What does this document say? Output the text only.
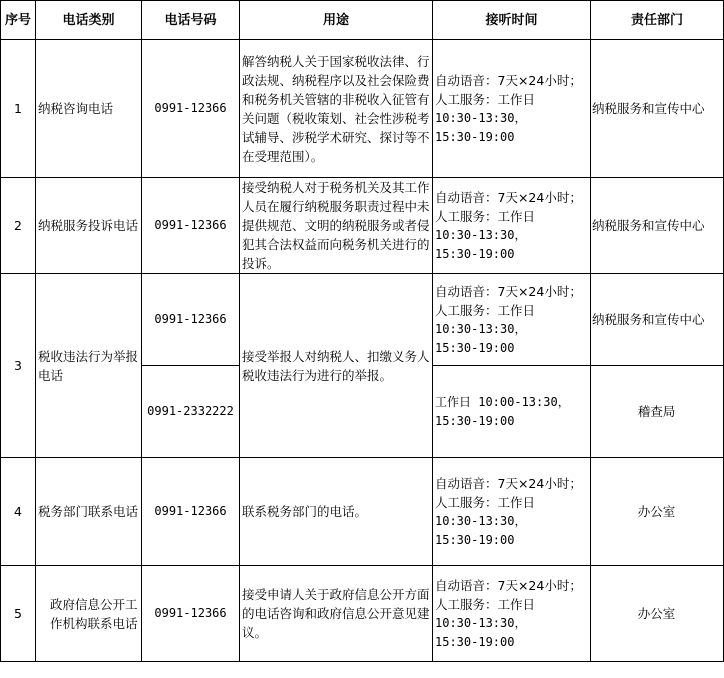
序号	电话类别	电话号码	用途	接听时间	责任部门
1	纳税咨询电话	0991-12366	解答纳税人关于国家税收法律、行政法规、纳税程序以及社会保险费和税务机关管辖的非税收入征管有关问题（税收策划、社会性涉税考试辅导、涉税学术研究、探讨等不在受理范围）。	自动语音：7天×24小时；
人工服务：工作日
10:30-13:30，
15:30-19:00	纳税服务和宣传中心
2	纳税服务投诉电话	0991-12366	接受纳税人对于税务机关及其工作人员在履行纳税服务职责过程中未提供规范、文明的纳税服务或者侵犯其合法权益而向税务机关进行的投诉。	自动语音：7天×24小时；
人工服务：工作日
10:30-13:30，
15:30-19:00	纳税服务和宣传中心
3	税收违法行为举报电话	0991-12366	接受举报人对纳税人、扣缴义务人税收违法行为进行的举报。	自动语音：7天×24小时；
人工服务：工作日
10:30-13:30，
15:30-19:00	纳税服务和宣传中心
		0991-2332222		工作日 10:00-13:30，
15:30-19:00	稽查局
4	税务部门联系电话	0991-12366	联系税务部门的电话。	自动语音：7天×24小时；
人工服务：工作日
10:30-13:30，
15:30-19:00	办公室
5	政府信息公开工作机构联系电话	0991-12366	接受申请人关于政府信息公开方面的电话咨询和政府信息公开意见建议。	自动语音：7天×24小时；
人工服务：工作日
10:30-13:30，
15:30-19:00	办公室
